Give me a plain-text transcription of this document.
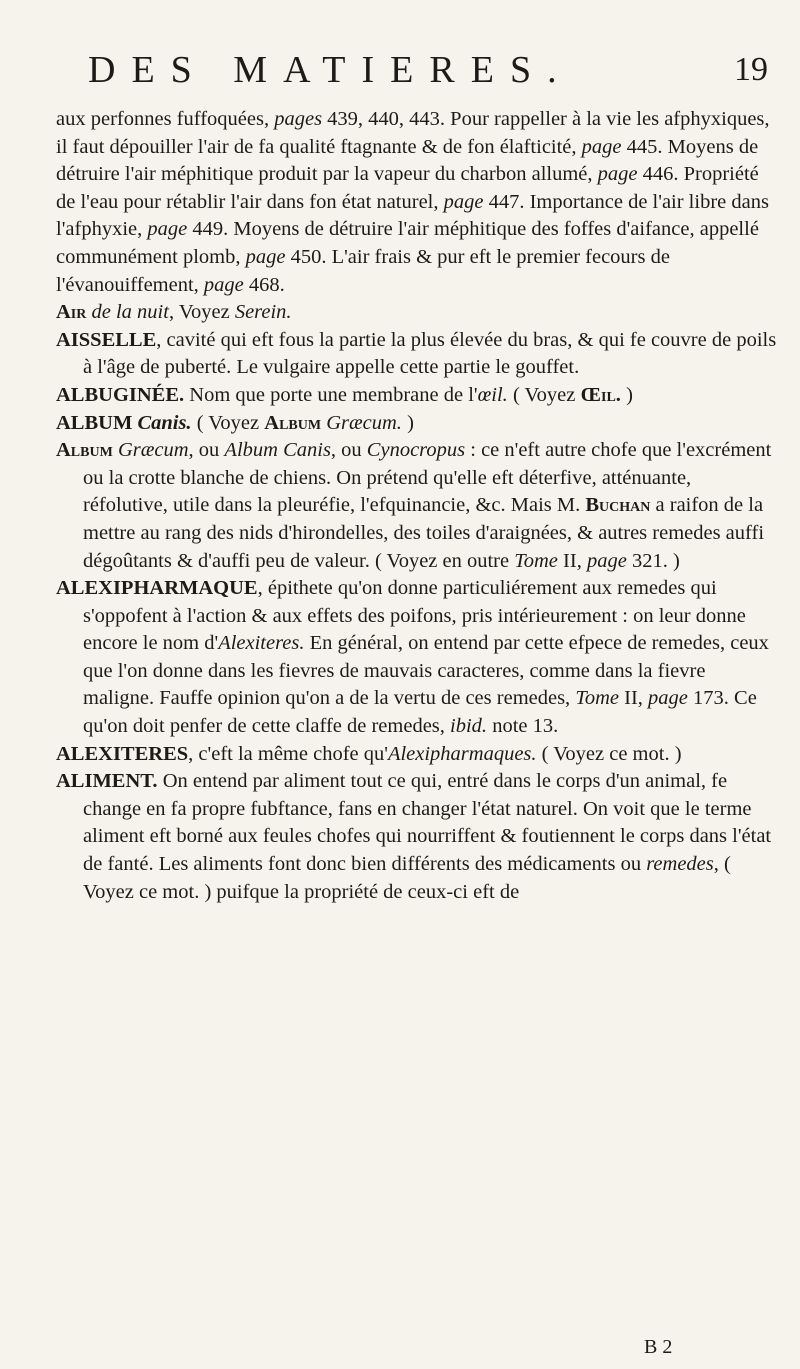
DES MATIERES.	19

aux perfonnes fuffoquées, pages 439, 440, 443. Pour rappeller à la vie les afphyxiques, il faut dépouiller l'air de fa qualité ftagnante & de fon élafticité, page 445. Moyens de détruire l'air méphitique produit par la vapeur du charbon allumé, page 446. Propriété de l'eau pour rétablir l'air dans fon état naturel, page 447. Importance de l'air libre dans l'afphyxie, page 449. Moyens de détruire l'air méphitique des foffes d'aifance, appellé communément plomb, page 450. L'air frais & pur eft le premier fecours de l'évanouiffement, page 468.

Air de la nuit, Voyez Serein.

AISSELLE, cavité qui eft fous la partie la plus élevée du bras, & qui fe couvre de poils à l'âge de puberté. Le vulgaire appelle cette partie le gouffet.

ALBUGINÉE. Nom que porte une membrane de l'œil. ( Voyez Œil. )

ALBUM Canis. ( Voyez Album Græcum. )

Album Græcum, ou Album Canis, ou Cynocropus : ce n'eft autre chofe que l'excrément ou la crotte blanche de chiens. On prétend qu'elle eft déterfive, atténuante, réfolutive, utile dans la pleuréfie, l'efquinancie, &c. Mais M. Buchan a raifon de la mettre au rang des nids d'hirondelles, des toiles d'araignées, & autres remedes auffi dégoûtants & d'auffi peu de valeur. ( Voyez en outre Tome II, page 321. )

ALEXIPHARMAQUE, épithete qu'on donne particuliérement aux remedes qui s'oppofent à l'action & aux effets des poifons, pris intérieurement : on leur donne encore le nom d'Alexiteres. En général, on entend par cette efpece de remedes, ceux que l'on donne dans les fievres de mauvais caracteres, comme dans la fievre maligne. Fauffe opinion qu'on a de la vertu de ces remedes, Tome II, page 173. Ce qu'on doit penfer de cette claffe de remedes, ibid. note 13.

ALEXITERES, c'eft la même chofe qu'Alexipharmaques. ( Voyez ce mot. )

ALIMENT. On entend par aliment tout ce qui, entré dans le corps d'un animal, fe change en fa propre fubftance, fans en changer l'état naturel. On voit que le terme aliment eft borné aux feules chofes qui nourriffent & foutiennent le corps dans l'état de fanté. Les aliments font donc bien différents des médicaments ou remedes, ( Voyez ce mot. ) puifque la propriété de ceux-ci eft de

B 2
